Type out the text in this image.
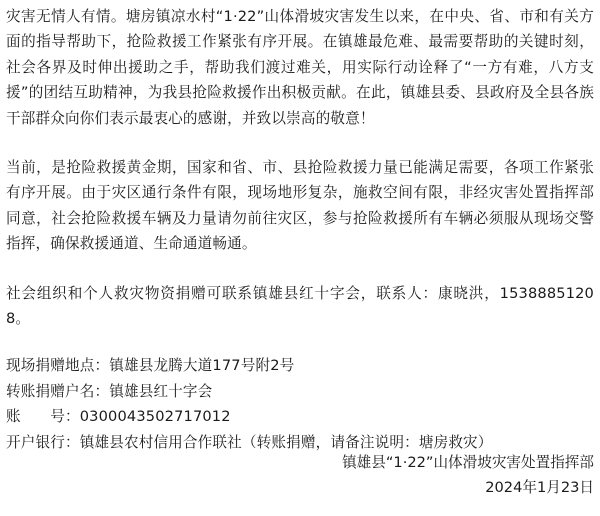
灾害无情人有情。塘房镇凉水村“1·22”山体滑坡灾害发生以来，在中央、省、市和有关方面的指导帮助下，抢险救援工作紧张有序开展。在镇雄最危难、最需要帮助的关键时刻，社会各界及时伸出援助之手，帮助我们渡过难关，用实际行动诠释了“一方有难，八方支援”的团结互助精神，为我县抢险救援作出积极贡献。在此，镇雄县委、县政府及全县各族干部群众向你们表示最衷心的感谢，并致以崇高的敬意！

当前，是抢险救援黄金期，国家和省、市、县抢险救援力量已能满足需要，各项工作紧张有序开展。由于灾区通行条件有限，现场地形复杂，施救空间有限，非经灾害处置指挥部同意，社会抢险救援车辆及力量请勿前往灾区，参与抢险救援所有车辆必须服从现场交警指挥，确保救援通道、生命通道畅通。

社会组织和个人救灾物资捐赠可联系镇雄县红十字会，联系人：康晓洪，15388851208。

现场捐赠地点：镇雄县龙腾大道177号附2号
转账捐赠户名：镇雄县红十字会
账　　号：0300043502717012
开户银行：镇雄县农村信用合作联社（转账捐赠，请备注说明：塘房救灾）
镇雄县“1·22”山体滑坡灾害处置指挥部
2024年1月23日
